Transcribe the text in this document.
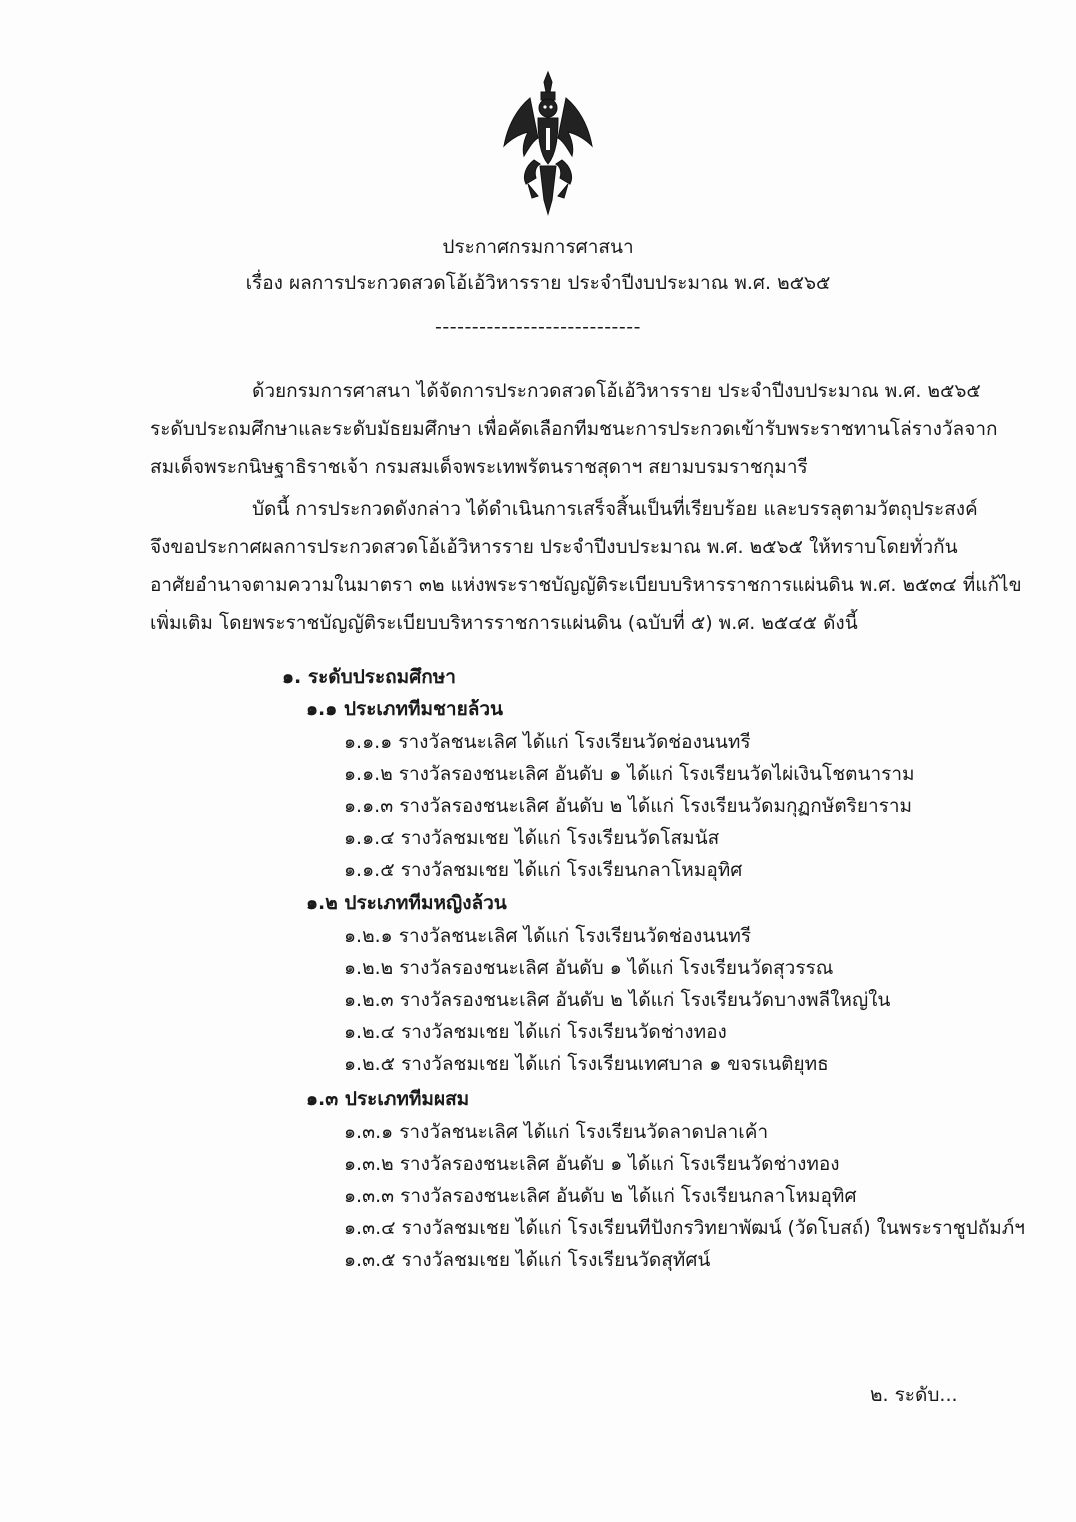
ประกาศกรมการศาสนา
เรื่อง ผลการประกวดสวดโอ้เอ้วิหารราย ประจำปีงบประมาณ พ.ศ. ๒๕๖๕
----------------------------
ด้วยกรมการศาสนา ได้จัดการประกวดสวดโอ้เอ้วิหารราย ประจำปีงบประมาณ พ.ศ. ๒๕๖๕
ระดับประถมศึกษาและระดับมัธยมศึกษา เพื่อคัดเลือกทีมชนะการประกวดเข้ารับพระราชทานโล่รางวัลจาก
สมเด็จพระกนิษฐาธิราชเจ้า กรมสมเด็จพระเทพรัตนราชสุดาฯ สยามบรมราชกุมารี
บัดนี้ การประกวดดังกล่าว ได้ดำเนินการเสร็จสิ้นเป็นที่เรียบร้อย และบรรลุตามวัตถุประสงค์
จึงขอประกาศผลการประกวดสวดโอ้เอ้วิหารราย ประจำปีงบประมาณ พ.ศ. ๒๕๖๕ ให้ทราบโดยทั่วกัน
อาศัยอำนาจตามความในมาตรา ๓๒ แห่งพระราชบัญญัติระเบียบบริหารราชการแผ่นดิน พ.ศ. ๒๕๓๔ ที่แก้ไข
เพิ่มเติม โดยพระราชบัญญัติระเบียบบริหารราชการแผ่นดิน (ฉบับที่ ๕) พ.ศ. ๒๕๔๕ ดังนี้
๑. ระดับประถมศึกษา
๑.๑ ประเภททีมชายล้วน
๑.๑.๑ รางวัลชนะเลิศ ได้แก่ โรงเรียนวัดช่องนนทรี
๑.๑.๒ รางวัลรองชนะเลิศ อันดับ ๑ ได้แก่ โรงเรียนวัดไผ่เงินโชตนาราม
๑.๑.๓ รางวัลรองชนะเลิศ อันดับ ๒ ได้แก่ โรงเรียนวัดมกุฏกษัตริยาราม
๑.๑.๔ รางวัลชมเชย ได้แก่ โรงเรียนวัดโสมนัส
๑.๑.๕ รางวัลชมเชย ได้แก่ โรงเรียนกลาโหมอุทิศ
๑.๒ ประเภททีมหญิงล้วน
๑.๒.๑ รางวัลชนะเลิศ ได้แก่ โรงเรียนวัดช่องนนทรี
๑.๒.๒ รางวัลรองชนะเลิศ อันดับ ๑ ได้แก่ โรงเรียนวัดสุวรรณ
๑.๒.๓ รางวัลรองชนะเลิศ อันดับ ๒ ได้แก่ โรงเรียนวัดบางพลีใหญ่ใน
๑.๒.๔ รางวัลชมเชย ได้แก่ โรงเรียนวัดช่างทอง
๑.๒.๕ รางวัลชมเชย ได้แก่ โรงเรียนเทศบาล ๑ ขจรเนติยุทธ
๑.๓ ประเภททีมผสม
๑.๓.๑ รางวัลชนะเลิศ ได้แก่ โรงเรียนวัดลาดปลาเค้า
๑.๓.๒ รางวัลรองชนะเลิศ อันดับ ๑ ได้แก่ โรงเรียนวัดช่างทอง
๑.๓.๓ รางวัลรองชนะเลิศ อันดับ ๒ ได้แก่ โรงเรียนกลาโหมอุทิศ
๑.๓.๔ รางวัลชมเชย ได้แก่ โรงเรียนทีปังกรวิทยาพัฒน์ (วัดโบสถ์) ในพระราชูปถัมภ์ฯ
๑.๓.๕ รางวัลชมเชย ได้แก่ โรงเรียนวัดสุทัศน์
๒. ระดับ...
